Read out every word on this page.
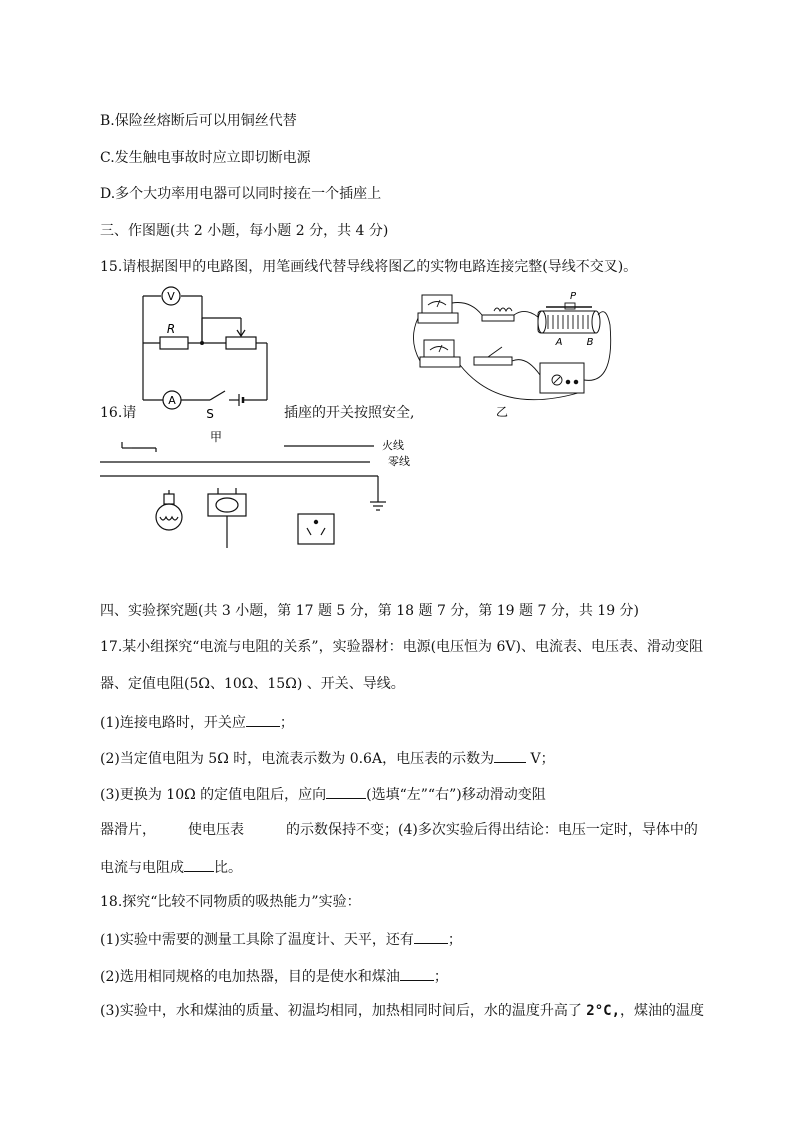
B.保险丝熔断后可以用铜丝代替
C.发生触电事故时应立即切断电源
D.多个大功率用电器可以同时接在一个插座上
三、作图题(共 2 小题，每小题 2 分，共 4 分)
15.请根据图甲的电路图，用笔画线代替导线将图乙的实物电路连接完整(导线不交叉)。
V
A
R
S
甲
P
A B
乙
16.请	插座的开关按照安全,
火线
零线
四、实验探究题(共 3 小题，第 17 题 5 分，第 18 题 7 分，第 19 题 7 分，共 19 分)
17.某小组探究“电流与电阻的关系”，实验器材：电源(电压恒为 6V)、电流表、电压表、滑动变阻
器、定值电阻(5Ω、10Ω、15Ω) 、开关、导线。
(1)连接电路时，开关应 ；
(2)当定值电阻为 5Ω 时，电流表示数为 0.6A，电压表的示数为 V；
(3)更换为 10Ω 的定值电阻后，应向	(选填“左”“右”)移动滑动变阻
器滑片， 使电压表	的示数保持不变；(4)多次实验后得出结论：电压一定时，导体中的
电流与电阻成 比。
18.探究“比较不同物质的吸热能力”实验：
(1)实验中需要的测量工具除了温度计、天平，还有 ；
(2)选用相同规格的电加热器，目的是使水和煤油 ；
(3)实验中，水和煤油的质量、初温均相同，加热相同时间后，水的温度升高了 2°C,，煤油的温度
